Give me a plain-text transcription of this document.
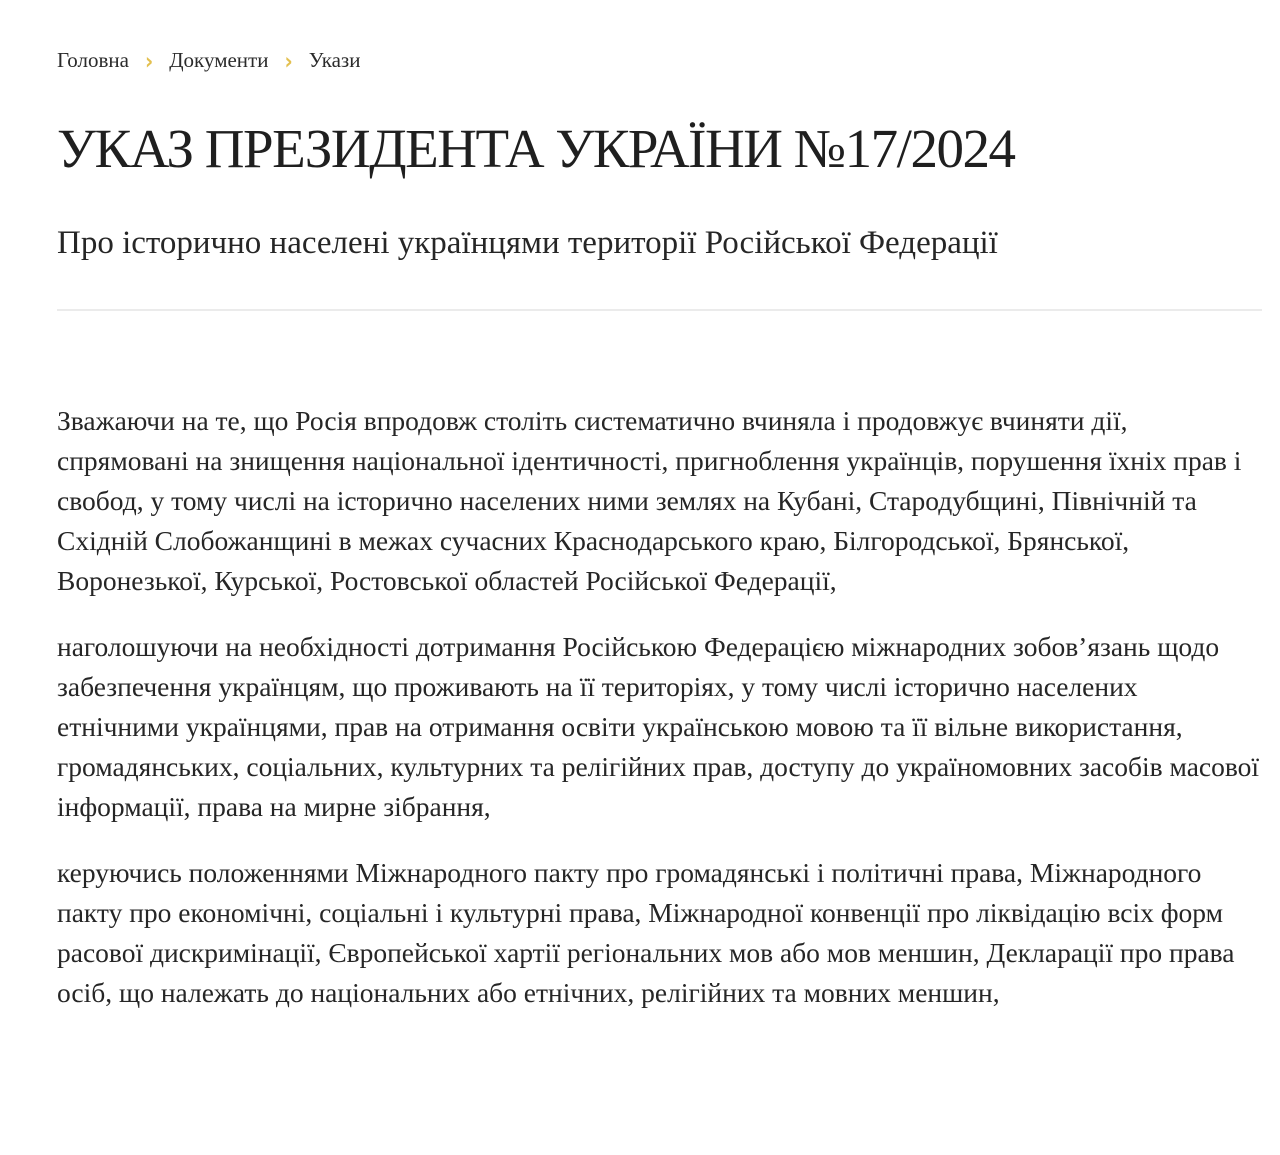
Головна › Документи › Укази
УКАЗ ПРЕЗИДЕНТА УКРАЇНИ №17/2024
Про історично населені українцями території Російської Федерації

Зважаючи на те, що Росія впродовж століть систематично вчиняла і продовжує вчиняти дії, спрямовані на знищення національної ідентичності, пригноблення українців, порушення їхніх прав і свобод, у тому числі на історично населених ними землях на Кубані, Стародубщині, Північній та Східній Слобожанщині в межах сучасних Краснодарського краю, Білгородської, Брянської, Воронезької, Курської, Ростовської областей Російської Федерації,

наголошуючи на необхідності дотримання Російською Федерацією міжнародних зобов’язань щодо забезпечення українцям, що проживають на її територіях, у тому числі історично населених етнічними українцями, прав на отримання освіти українською мовою та її вільне використання, громадянських, соціальних, культурних та релігійних прав, доступу до україномовних засобів масової інформації, права на мирне зібрання,

керуючись положеннями Міжнародного пакту про громадянські і політичні права, Міжнародного пакту про економічні, соціальні і культурні права, Міжнародної конвенції про ліквідацію всіх форм расової дискримінації, Європейської хартії регіональних мов або мов меншин, Декларації про права осіб, що належать до національних або етнічних, релігійних та мовних меншин,
